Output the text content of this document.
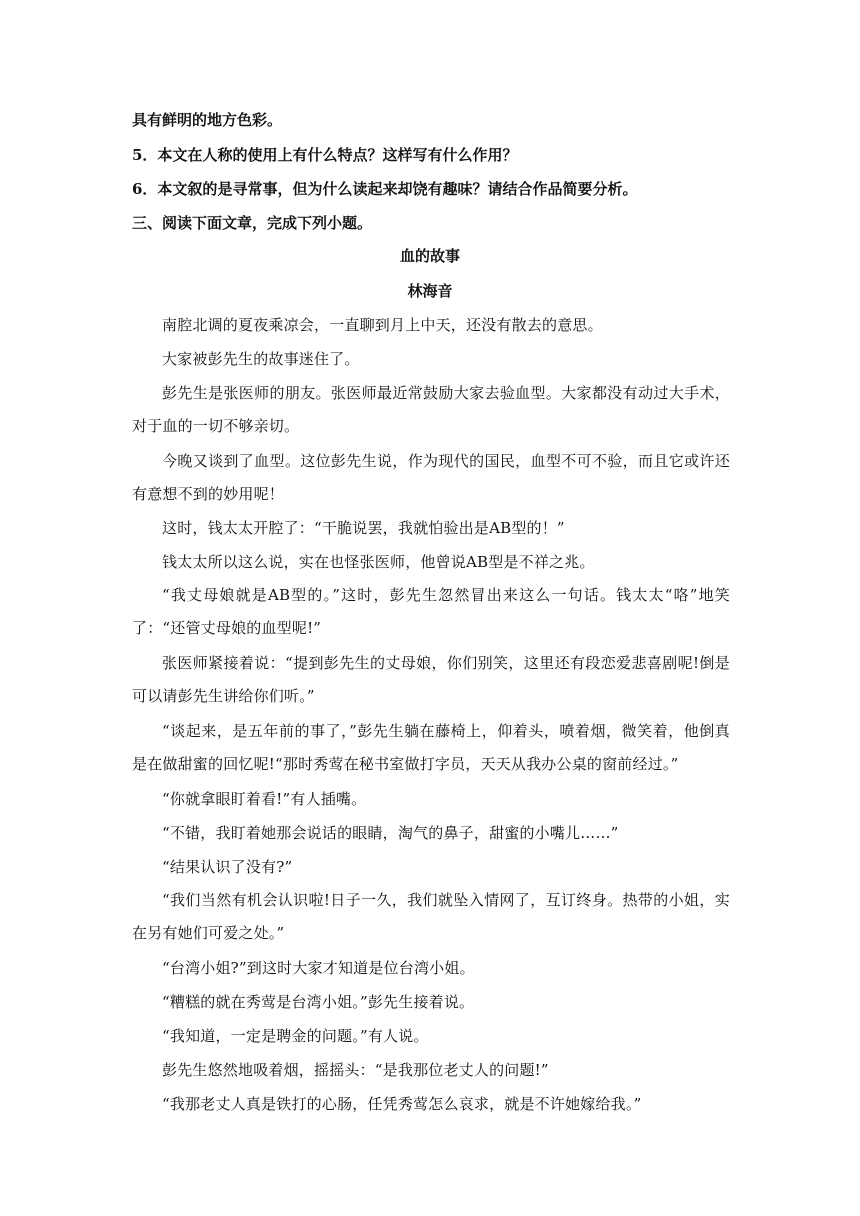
具有鲜明的地方色彩。
5．本文在人称的使用上有什么特点？这样写有什么作用？
6．本文叙的是寻常事，但为什么读起来却饶有趣味？请结合作品简要分析。
三、阅读下面文章，完成下列小题。
血的故事
林海音
南腔北调的夏夜乘凉会，一直聊到月上中天，还没有散去的意思。
大家被彭先生的故事迷住了。
彭先生是张医师的朋友。张医师最近常鼓励大家去验血型。大家都没有动过大手术，对于血的一切不够亲切。
今晚又谈到了血型。这位彭先生说，作为现代的国民，血型不可不验，而且它或许还有意想不到的妙用呢！
这时，钱太太开腔了：“干脆说罢，我就怕验出是AB型的！”
钱太太所以这么说，实在也怪张医师，他曾说AB型是不祥之兆。
“我丈母娘就是AB型的。”这时，彭先生忽然冒出来这么一句话。钱太太“咯”地笑了：“还管丈母娘的血型呢!”
张医师紧接着说：“提到彭先生的丈母娘，你们别笑，这里还有段恋爱悲喜剧呢!倒是可以请彭先生讲给你们听。”
“谈起来，是五年前的事了，”彭先生躺在藤椅上，仰着头，喷着烟，微笑着，他倒真是在做甜蜜的回忆呢!“那时秀莺在秘书室做打字员，天天从我办公桌的窗前经过。”
“你就拿眼盯着看!”有人插嘴。
“不错，我盯着她那会说话的眼睛，淘气的鼻子，甜蜜的小嘴儿……”
“结果认识了没有?”
“我们当然有机会认识啦!日子一久，我们就坠入情网了，互订终身。热带的小姐，实在另有她们可爱之处。”
“台湾小姐?”到这时大家才知道是位台湾小姐。
“糟糕的就在秀莺是台湾小姐。”彭先生接着说。
“我知道，一定是聘金的问题。”有人说。
彭先生悠然地吸着烟，摇摇头：“是我那位老丈人的问题!”
“我那老丈人真是铁打的心肠，任凭秀莺怎么哀求，就是不许她嫁给我。”
